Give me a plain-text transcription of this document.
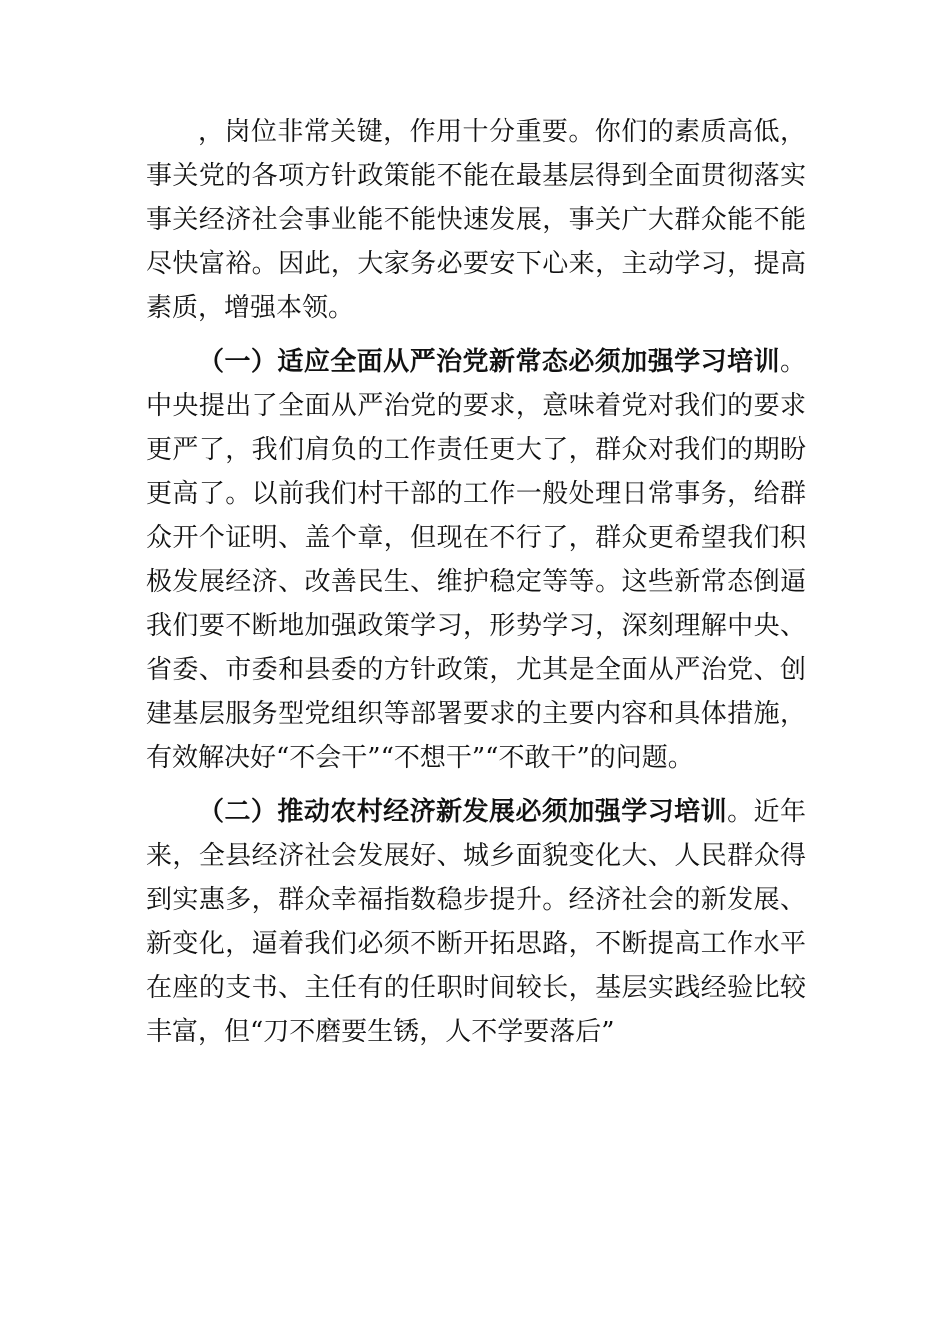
，岗位非常关键，作用十分重要。你们的素质高低，
事关党的各项方针政策能不能在最基层得到全面贯彻落实
事关经济社会事业能不能快速发展，事关广大群众能不能
尽快富裕。因此，大家务必要安下心来，主动学习，提高
素质，增强本领。
（一）适应全面从严治党新常态必须加强学习培训。
中央提出了全面从严治党的要求，意味着党对我们的要求
更严了，我们肩负的工作责任更大了，群众对我们的期盼
更高了。以前我们村干部的工作一般处理日常事务，给群
众开个证明、盖个章，但现在不行了，群众更希望我们积
极发展经济、改善民生、维护稳定等等。这些新常态倒逼
我们要不断地加强政策学习，形势学习，深刻理解中央、
省委、市委和县委的方针政策，尤其是全面从严治党、创
建基层服务型党组织等部署要求的主要内容和具体措施，
有效解决好“不会干”“不想干”“不敢干”的问题。
（二）推动农村经济新发展必须加强学习培训。近年
来，全县经济社会发展好、城乡面貌变化大、人民群众得
到实惠多，群众幸福指数稳步提升。经济社会的新发展、
新变化，逼着我们必须不断开拓思路，不断提高工作水平
在座的支书、主任有的任职时间较长，基层实践经验比较
丰富，但“刀不磨要生锈，人不学要落后”
